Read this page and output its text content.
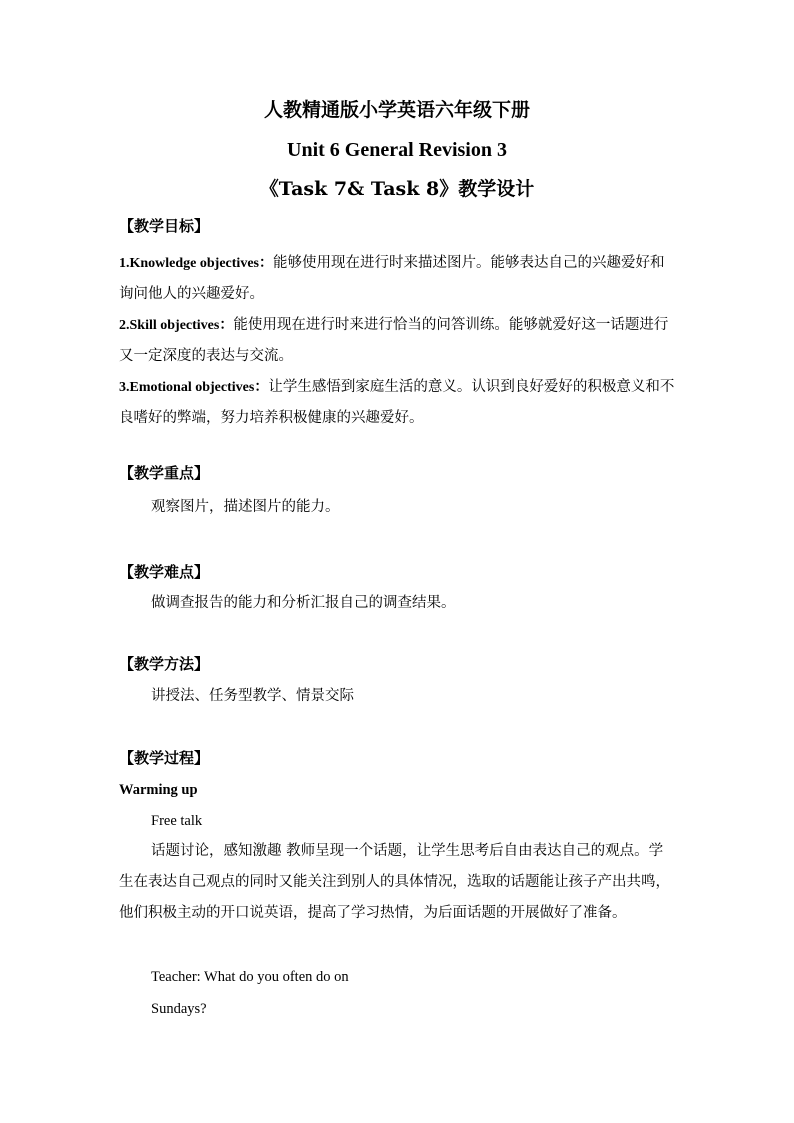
人教精通版小学英语六年级下册
Unit 6 General Revision 3
《Task 7& Task 8》教学设计
【教学目标】
1.Knowledge objectives：能够使用现在进行时来描述图片。能够表达自己的兴趣爱好和询问他人的兴趣爱好。
2.Skill objectives：能使用现在进行时来进行恰当的问答训练。能够就爱好这一话题进行又一定深度的表达与交流。
3.Emotional objectives：让学生感悟到家庭生活的意义。认识到良好爱好的积极意义和不良嗜好的弊端，努力培养积极健康的兴趣爱好。
【教学重点】
观察图片，描述图片的能力。
【教学难点】
做调查报告的能力和分析汇报自己的调查结果。
【教学方法】
讲授法、任务型教学、情景交际
【教学过程】
Warming up
Free talk
话题讨论，感知激趣 教师呈现一个话题，让学生思考后自由表达自己的观点。学生在表达自己观点的同时又能关注到别人的具体情况，选取的话题能让孩子产出共鸣，他们积极主动的开口说英语，提高了学习热情，为后面话题的开展做好了准备。
Teacher: What do you often do on
Sundays?
